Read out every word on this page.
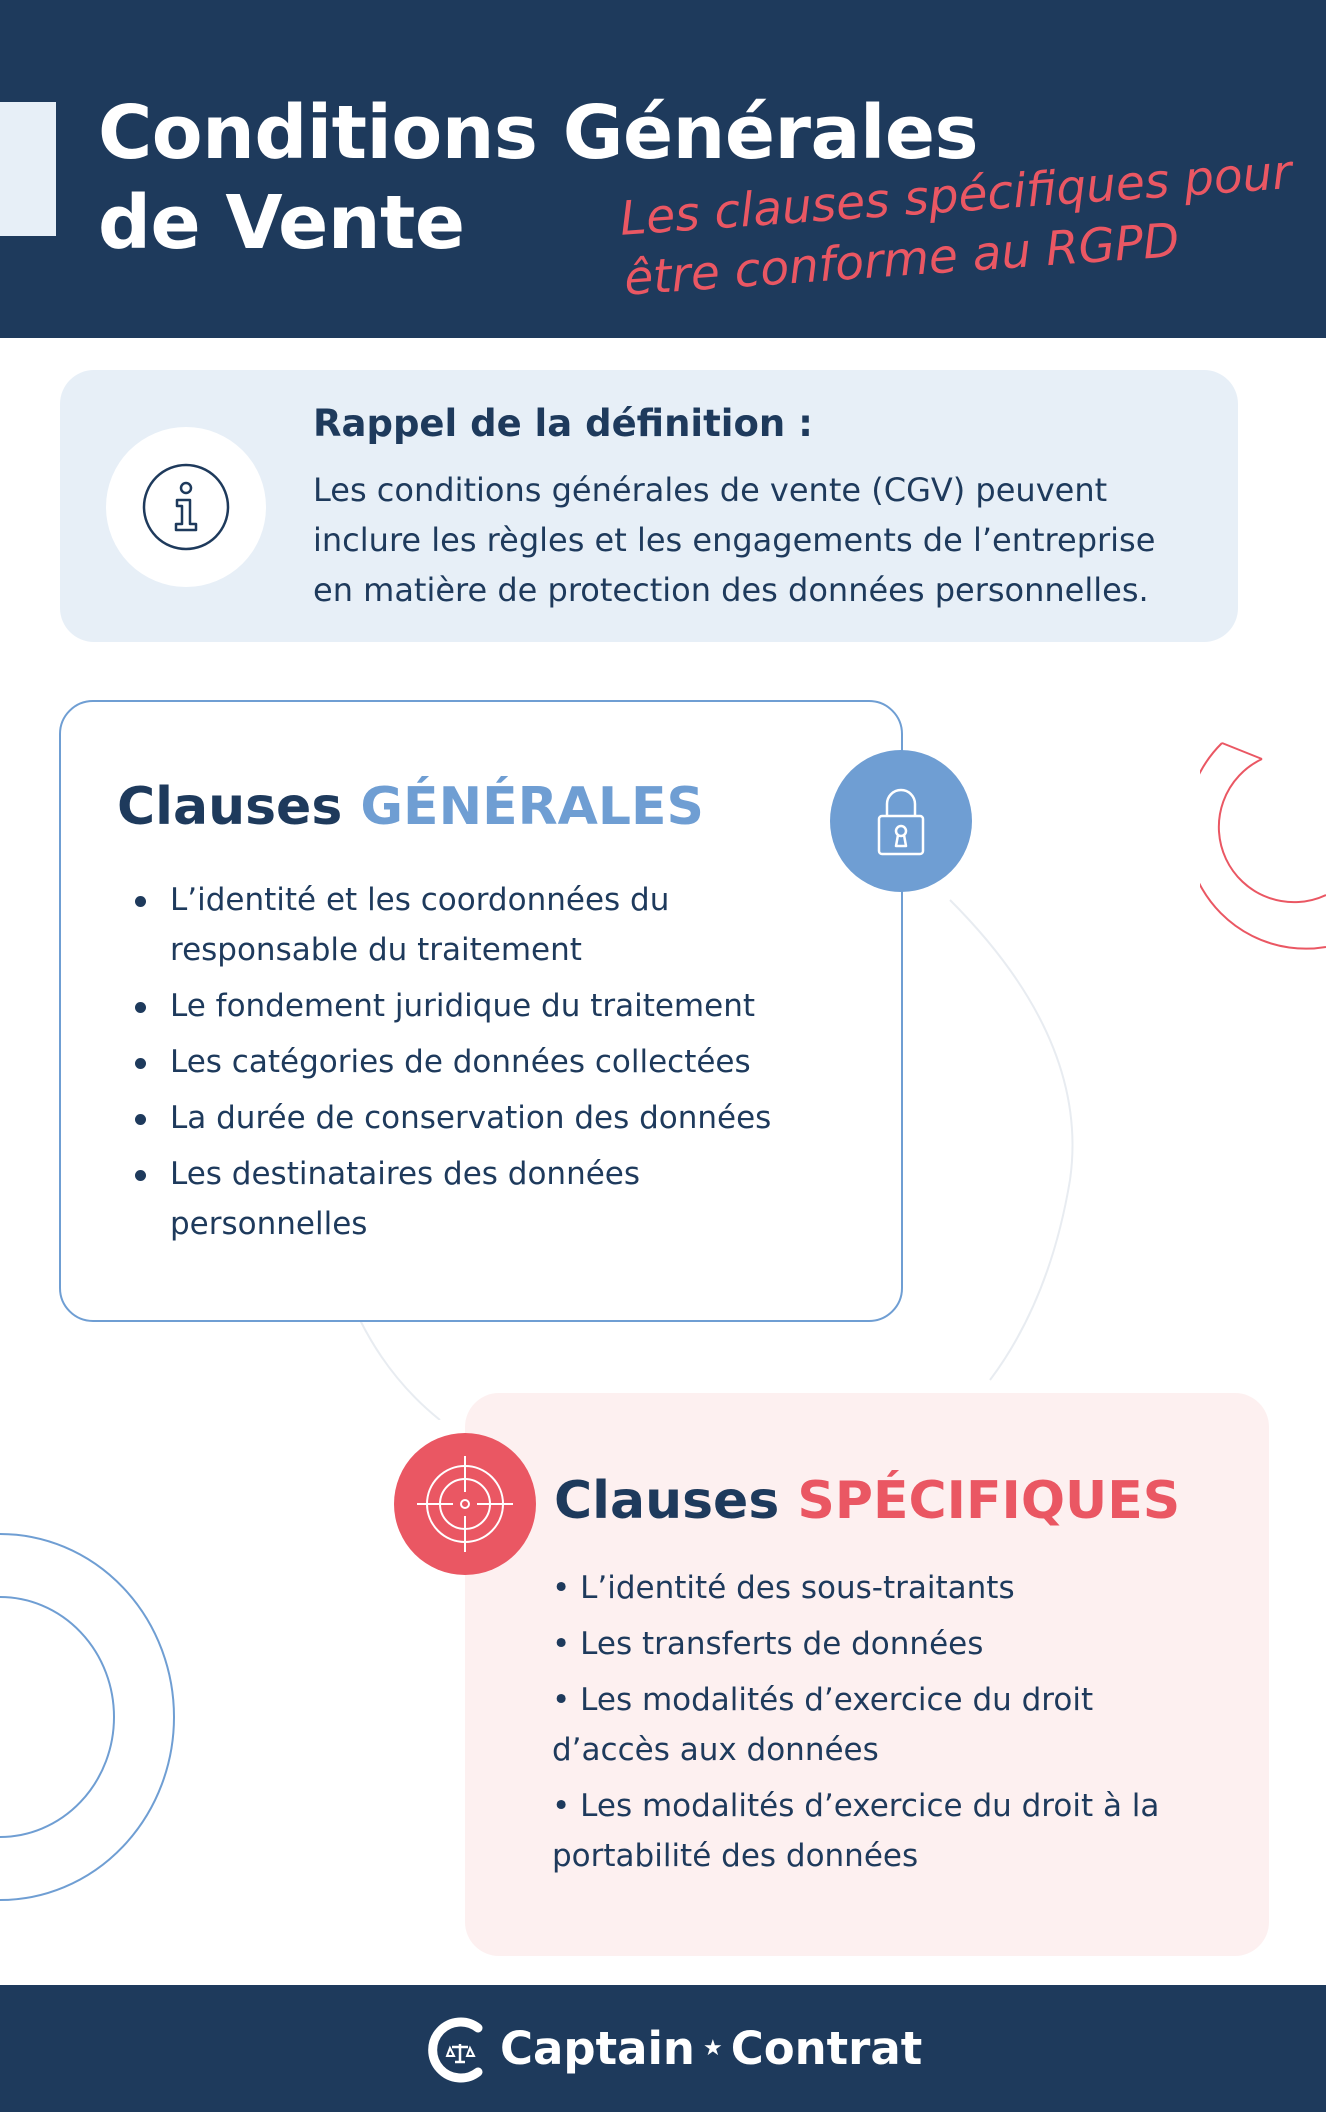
Conditions Générales de Vente	Les clauses spécifiques pour être conforme au RGPD
Rappel de la définition :
Les conditions générales de vente (CGV) peuvent inclure les règles et les engagements de l’entreprise en matière de protection des données personnelles.
Clauses GÉNÉRALES
L’identité et les coordonnées du responsable du traitement
Le fondement juridique du traitement
Les catégories de données collectées
La durée de conservation des données
Les destinataires des données personnelles
Clauses SPÉCIFIQUES

• L’identité des sous-traitants

• Les transferts de données

• Les modalités d’exercice du droit d’accès aux données

• Les modalités d’exercice du droit à la portabilité des données

Captain ★ Contrat
